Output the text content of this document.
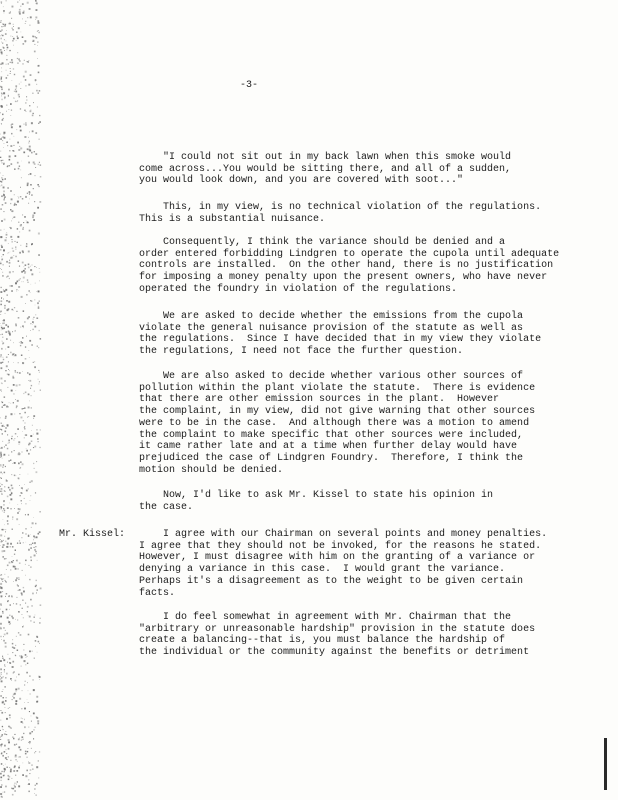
-3-

"I could not sit out in my back lawn when this smoke would
come across...You would be sitting there, and all of a sudden,
you would look down, and you are covered with soot..."

This, in my view, is no technical violation of the regulations.
This is a substantial nuisance.

Consequently, I think the variance should be denied and a
order entered forbidding Lindgren to operate the cupola until adequate
controls are installed.  On the other hand, there is no justification
for imposing a money penalty upon the present owners, who have never
operated the foundry in violation of the regulations.

We are asked to decide whether the emissions from the cupola
violate the general nuisance provision of the statute as well as
the regulations.  Since I have decided that in my view they violate
the regulations, I need not face the further question.

We are also asked to decide whether various other sources of
pollution within the plant violate the statute.  There is evidence
that there are other emission sources in the plant.  However
the complaint, in my view, did not give warning that other sources
were to be in the case.  And although there was a motion to amend
the complaint to make specific that other sources were included,
it came rather late and at a time when further delay would have
prejudiced the case of Lindgren Foundry.  Therefore, I think the
motion should be denied.

Now, I'd like to ask Mr. Kissel to state his opinion in
the case.

Mr. Kissel:	I agree with our Chairman on several points and money penalties.
I agree that they should not be invoked, for the reasons he stated.
However, I must disagree with him on the granting of a variance or
denying a variance in this case.  I would grant the variance.
Perhaps it's a disagreement as to the weight to be given certain
facts.

I do feel somewhat in agreement with Mr. Chairman that the
"arbitrary or unreasonable hardship" provision in the statute does
create a balancing--that is, you must balance the hardship of
the individual or the community against the benefits or detriment
